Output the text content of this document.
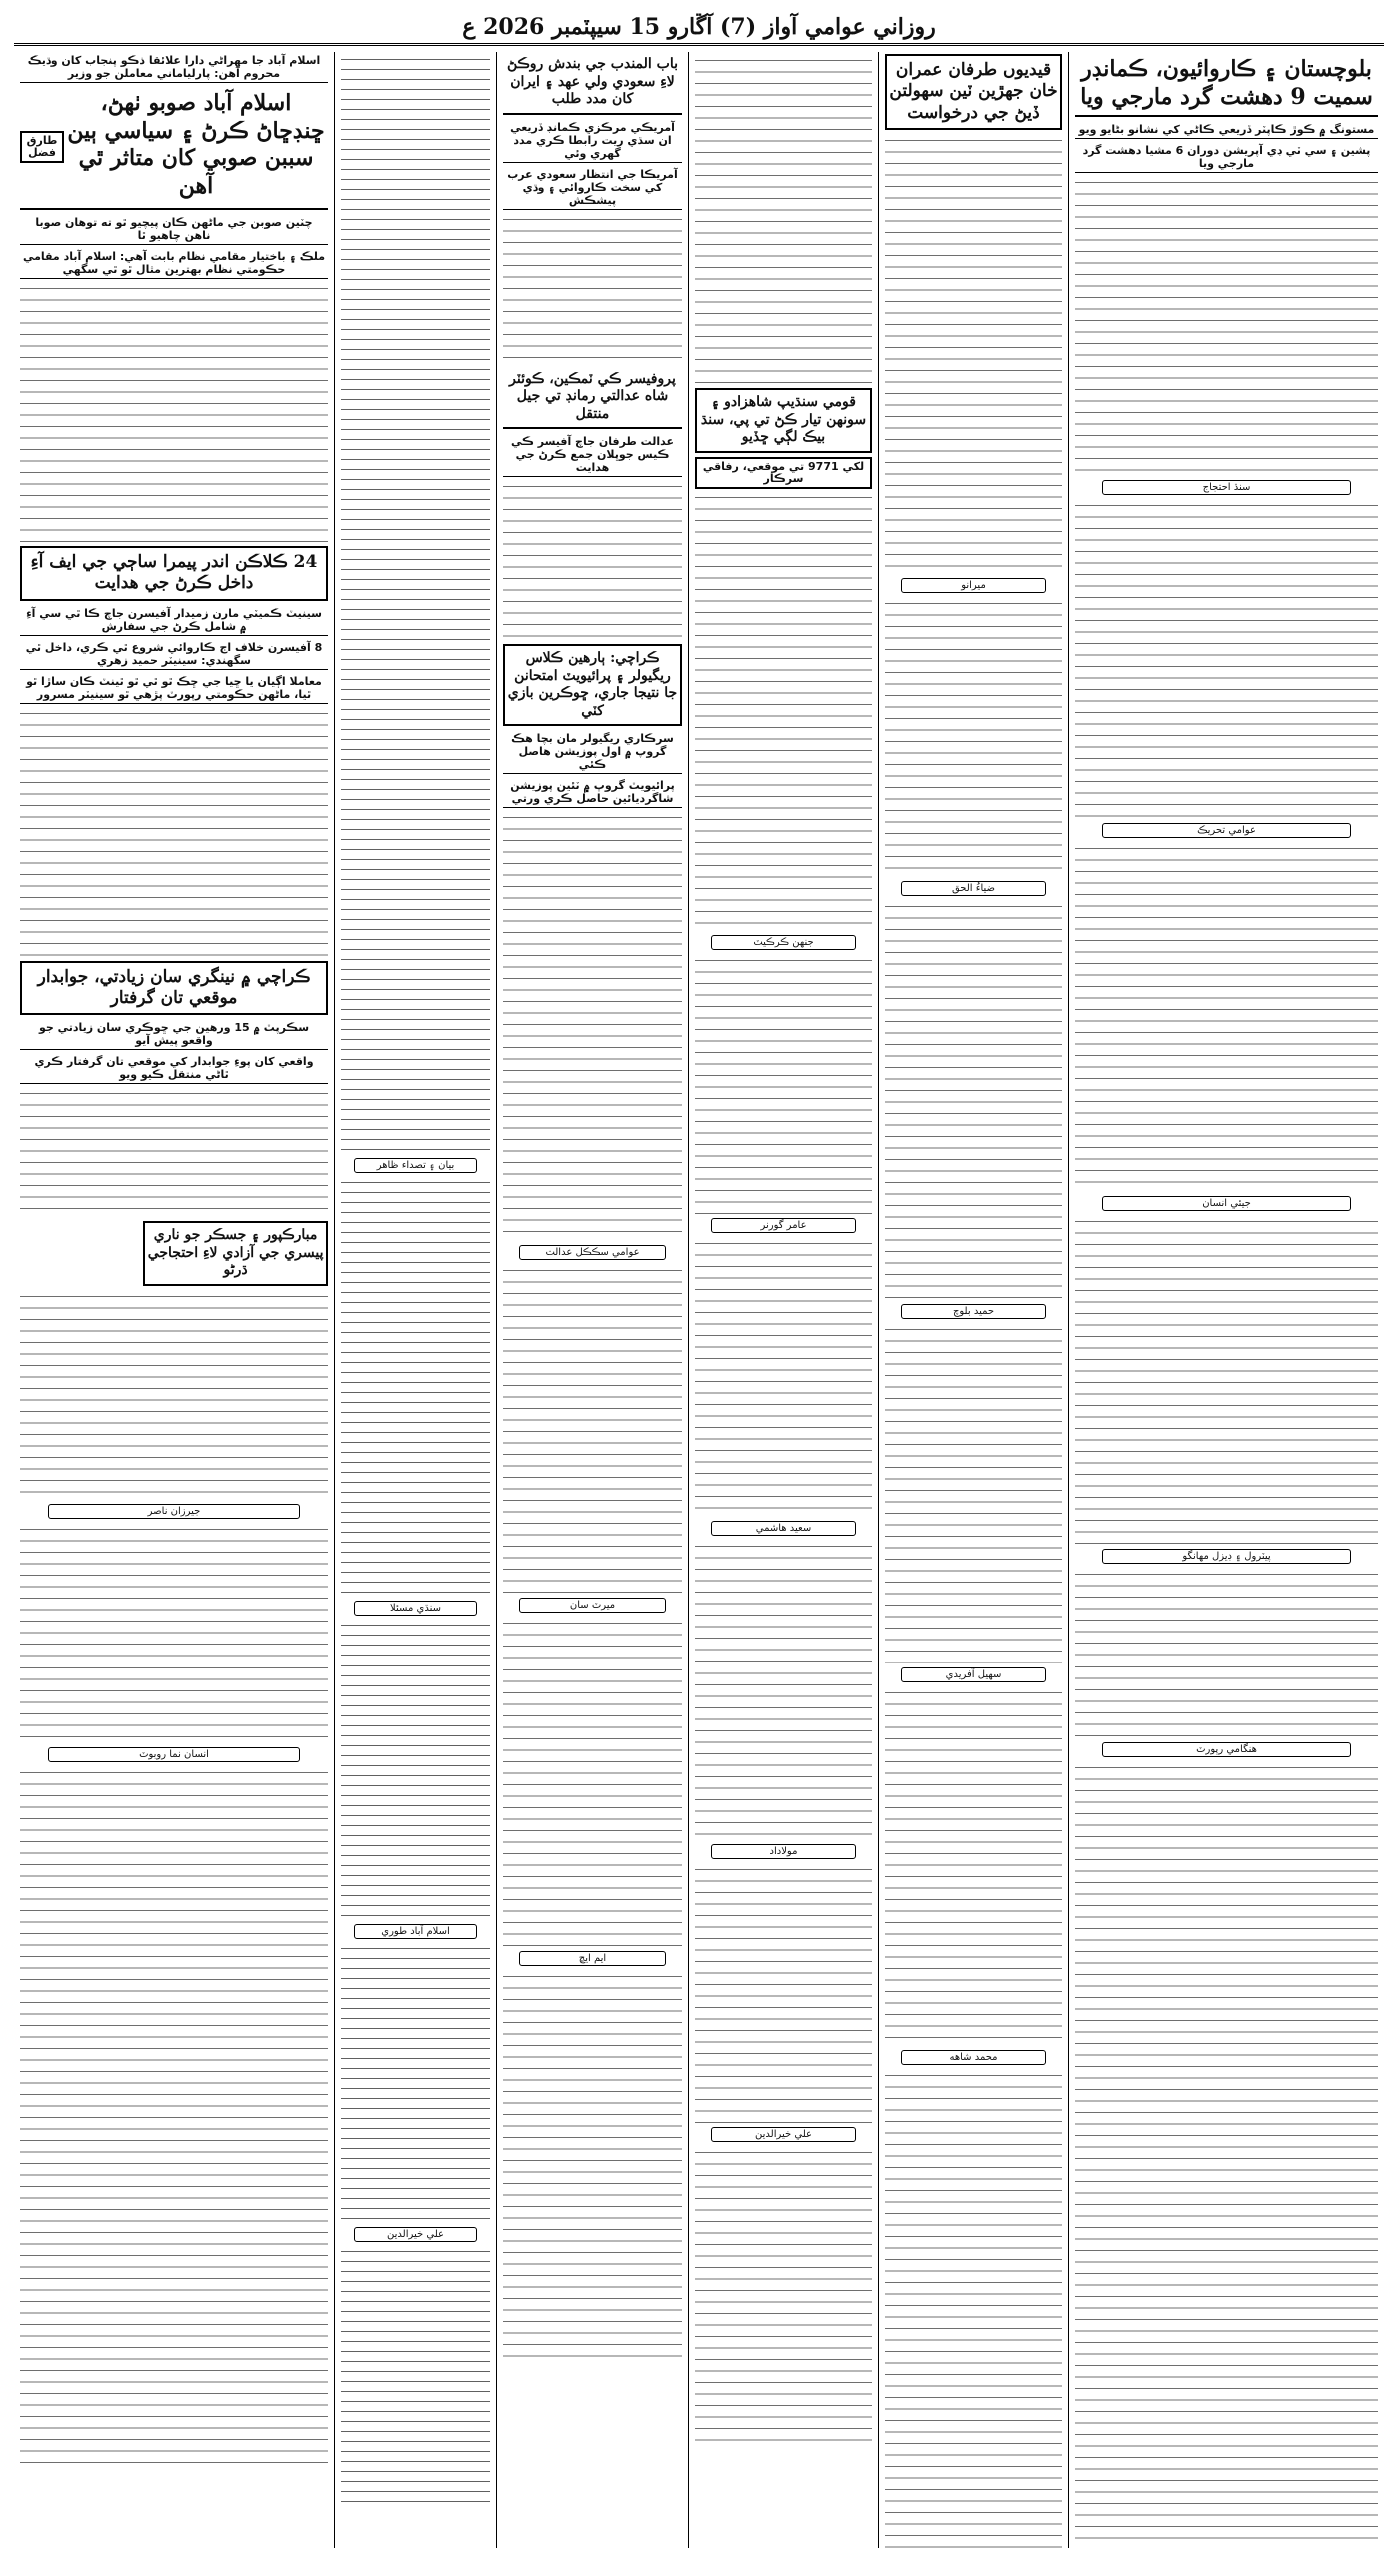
روزاني عوامي آواز (7) آڱارو 15 سيپٽمبر 2026 ع
بلوچستان ۽ ڪاروائيون، ڪمانڊر سميت 9 دهشت گرد مارجي ويا
مستونگ ۾ ڪوڙ ڪاپٽر ڏريعي ڪاڻي کي نشانو بڻايو ويو
پشين ۽ سي ٽي ڊي آپريشن دوران 6 مشيا دهشت گرد مارجي ويا
سنڌ احتجاج
عوامي تحريڪ
جيئي انسان
پيٽرول ۽ ڊيزل مهانگو
هنگامي رپورٽ
قيديوں طرفان عمران خان جهڙين ٽين سهولتن ڏيڻ جي درخواست
ميرانو
ضياءُ الحق
حميد بلوچ
سهيل آفريدي
محمد شاهه
قومي سنڌيپ شاهزادو ۽ سونھن تيار ڪڻ تي پي، سنڌ بيڪ لڳي ڇڏيو
لکي 9771 تي موقعي، رفاقي سرڪار
جنهن ڪرڪيٽ
عامر گورنر
سعيد هاشمي
مولاداد
علي خيرالدين
باب المندب جي بندش روڪڻ لاءِ سعودي ولي عهد ۽ ايران کان مدد طلب
آمريڪي مرڪزي ڪمانڊ ڏريعي ان سڌي ريت رابطا ڪري مدد گهري وئي
آمريڪا جي انتظار سعودي عرب کي سخت ڪاروائي ۽ وڌي پيشڪش
پروفيسر ڪي ٽمڪين، ڪوئٽر شاه عدالتي رمانڊ تي جيل منتقل
عدالت طرفان جاچ آفيسر ڪي ڪيس جوڀلان جمع ڪرڻ جي هدايت
ڪراچي: ٻارهين ڪلاس ريگيولر ۽ پرائيويٽ امتحانن جا نتيجا جاري، ڇوڪرين بازي کٽي
سرڪاري ريگيولر مان بچا هڪ گروپ ۾ اول پوزيشن هاصل ڪئي
پرائيويٽ گروپ ۾ ٽئين پوزيشن شاگرديائين حاصل ڪري ورتي
عوامي سڪڪل عدالت
ميرٽ سان
ايم ايڇ
بيان ۽ تصداء ظاهر
سنڌي مسئلا
اسلام آباد طوري
علي خيرالدين
اسلام آباد جا مهراڻي دارا علائقا ذڪو پنجاب کان وڌيڪ محروم آهن: پارلياماني معاملن جو وزير
اسلام آباد صوبو ٺهڻ، ڇنڊڇاڻ ڪرڻ ۽ سياسي ٻين سببن صوبي کان متاثر ٿي آهن
طارق فضل
چٽين صوبن جي ماڻهن ڪان پيچيو ٿو ته توهان صوبا ناهن چاهيو ٿا
ملڪ ۽ باختيار مقامي نظام بابت آهي: اسلام آباد مقامي حڪومتي نظام بهترين مثال ٿو ٿي سگهي
24 ڪلاڪن اندر پيمرا ساڄي جي ايف آءِ داخل ڪرڻ جي هدايت
سينيٽ ڪميٽي مارن زميدار آفيسرن جاچ ڪا ٿي سي آءِ ۾ شامل ڪرڻ جي سفارش
8 آفيسرن خلاف اڄ ڪاروائي شروع ٿي ڪري، داخل ٿي سگهندي: سينيٽر حميد زهري
معاملا اڳيان يا ڇيا جي ڇڪ ٿو ٿي ٿو ٿينٽ ڪان ساڙا ٿو ٿيا، ماڻهن حڪومتي رپورٽ پڙهي ٿو سينيٽر مسرور
ڪراچي ۾ نينگري سان زيادتي، جوابدار موقعي تان گرفتار
سڪرپٽ ۾ 15 ورهين جي ڇوڪري سان زيادتي جو واقعو پيش آيو
واقعي کان پوءِ جوابدار کي موقعي تان گرفتار ڪري ٿاڻي منتقل ڪيو ويو
مبارڪپور ۽ جسڪر جو ناري پيسري جي آزادي لاءِ احتجاجي ڌرڻو
جيرزان ناصر
انسان نما روبوٽ
